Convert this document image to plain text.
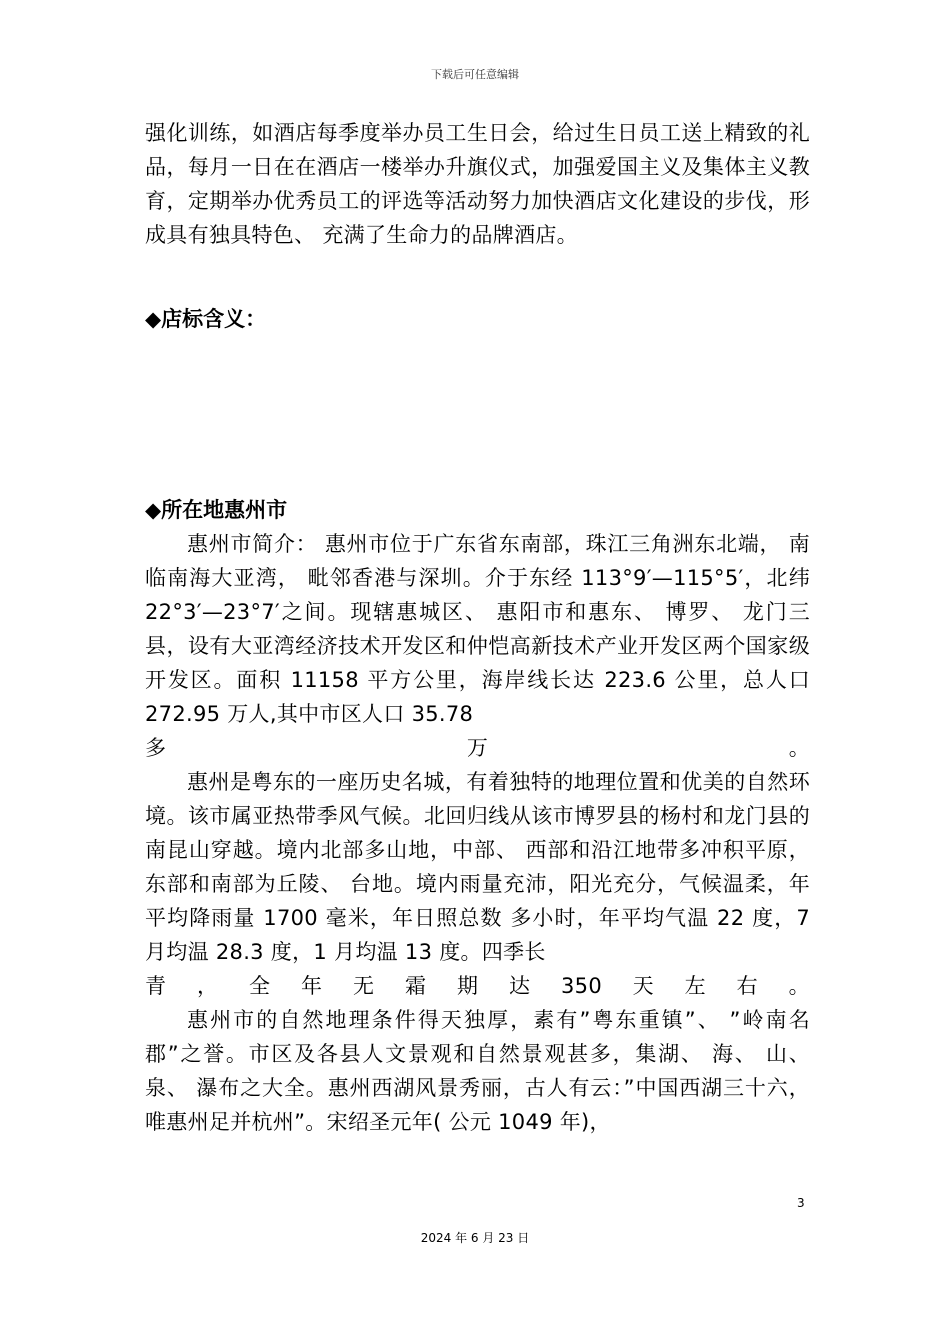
下载后可任意编辑
强化训练，如酒店每季度举办员工生日会，给过生日员工送上精致的礼品，每月一日在在酒店一楼举办升旗仪式，加强爱国主义及集体主义教育，定期举办优秀员工的评选等活动努力加快酒店文化建设的步伐，形成具有独具特色、 充满了生命力的品牌酒店。
◆店标含义：
◆所在地惠州市

惠州市简介： 惠州市位于广东省东南部，珠江三角洲东北端， 南临南海大亚湾， 毗邻香港与深圳。介于东经 113°9′—115°5′，北纬 22°3′—23°7′之间。现辖惠城区、 惠阳市和惠东、 博罗、 龙门三县，设有大亚湾经济技术开发区和仲恺高新技术产业开发区两个国家级开发区。面积 11158 平方公里，海岸线长达 223.6 公里，总人口 272.95 万人,其中市区人口 35.78

多	万	。

惠州是粤东的一座历史名城，有着独特的地理位置和优美的自然环境。该市属亚热带季风气候。北回归线从该市博罗县的杨村和龙门县的南昆山穿越。境内北部多山地，中部、 西部和沿江地带多冲积平原，东部和南部为丘陵、 台地。境内雨量充沛，阳光充分，气候温柔，年平均降雨量 1700 毫米，年日照总数 多小时，年平均气温 22 度，7 月均温 28.3 度，1 月均温 13 度。四季长

青 ， 全 年 无 霜 期 达 350 天 左 右 。

惠州市的自然地理条件得天独厚，素有”粤东重镇”、 ”岭南名郡”之誉。市区及各县人文景观和自然景观甚多，集湖、 海、 山、 泉、 瀑布之大全。惠州西湖风景秀丽，古人有云：”中国西湖三十六，唯惠州足并杭州”。宋绍圣元年( 公元 1049 年)，

3
2024 年 6 月 23 日
